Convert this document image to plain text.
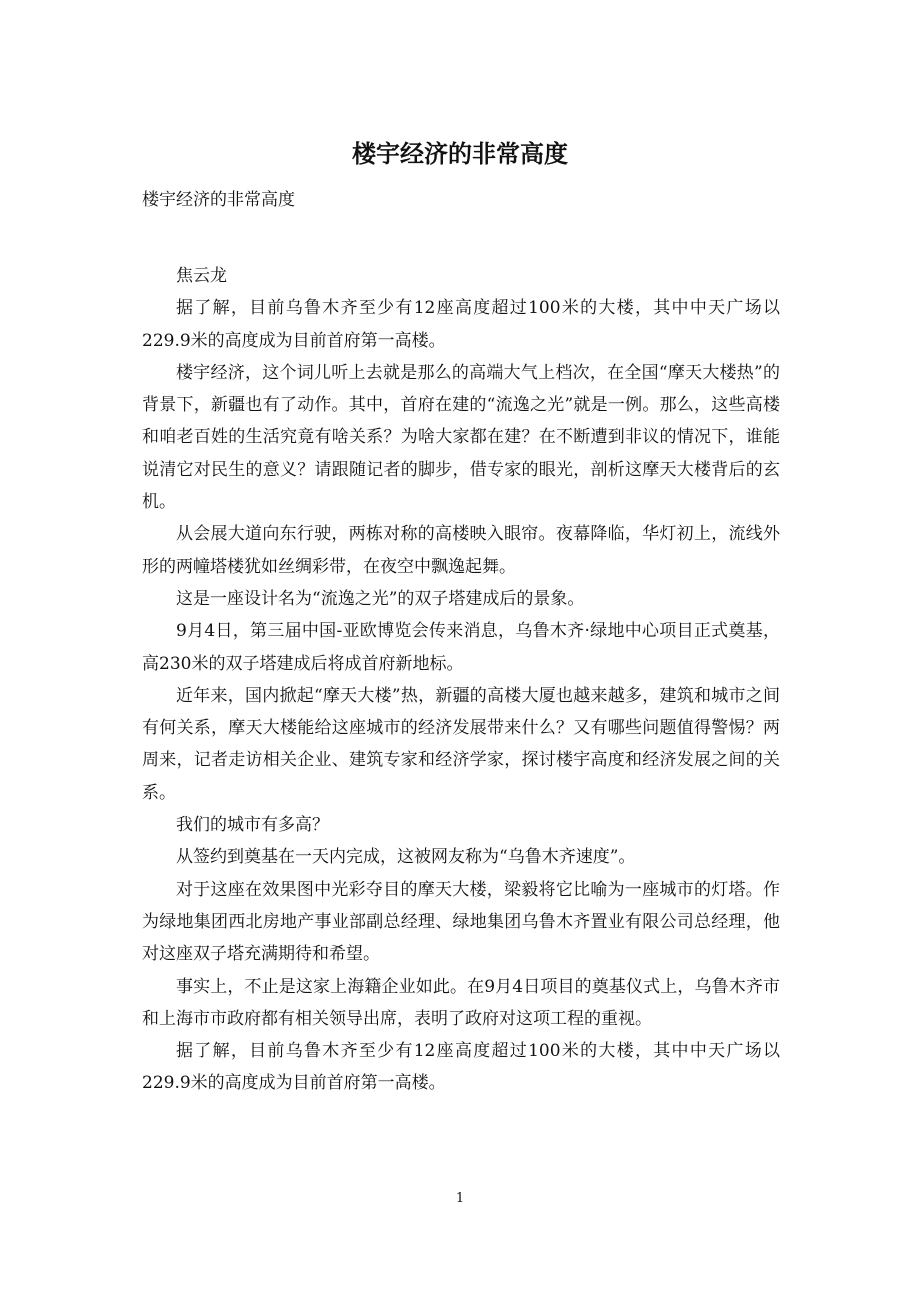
楼宇经济的非常高度
楼宇经济的非常高度

焦云龙

据了解，目前乌鲁木齐至少有12座高度超过100米的大楼，其中中天广场以229.9米的高度成为目前首府第一高楼。

楼宇经济，这个词儿听上去就是那么的高端大气上档次，在全国“摩天大楼热”的背景下，新疆也有了动作。其中，首府在建的“流逸之光”就是一例。那么，这些高楼和咱老百姓的生活究竟有啥关系？为啥大家都在建？在不断遭到非议的情况下，谁能说清它对民生的意义？请跟随记者的脚步，借专家的眼光，剖析这摩天大楼背后的玄机。

从会展大道向东行驶，两栋对称的高楼映入眼帘。夜幕降临，华灯初上，流线外形的两幢塔楼犹如丝绸彩带，在夜空中飘逸起舞。

这是一座设计名为“流逸之光”的双子塔建成后的景象。

9月4日，第三届中国-亚欧博览会传来消息，乌鲁木齐·绿地中心项目正式奠基，高230米的双子塔建成后将成首府新地标。

近年来，国内掀起“摩天大楼”热，新疆的高楼大厦也越来越多，建筑和城市之间有何关系，摩天大楼能给这座城市的经济发展带来什么？又有哪些问题值得警惕？两周来，记者走访相关企业、建筑专家和经济学家，探讨楼宇高度和经济发展之间的关系。

我们的城市有多高？

从签约到奠基在一天内完成，这被网友称为“乌鲁木齐速度”。

对于这座在效果图中光彩夺目的摩天大楼，梁毅将它比喻为一座城市的灯塔。作为绿地集团西北房地产事业部副总经理、绿地集团乌鲁木齐置业有限公司总经理，他对这座双子塔充满期待和希望。

事实上，不止是这家上海籍企业如此。在9月4日项目的奠基仪式上，乌鲁木齐市和上海市市政府都有相关领导出席，表明了政府对这项工程的重视。

据了解，目前乌鲁木齐至少有12座高度超过100米的大楼，其中中天广场以229.9米的高度成为目前首府第一高楼。

1
